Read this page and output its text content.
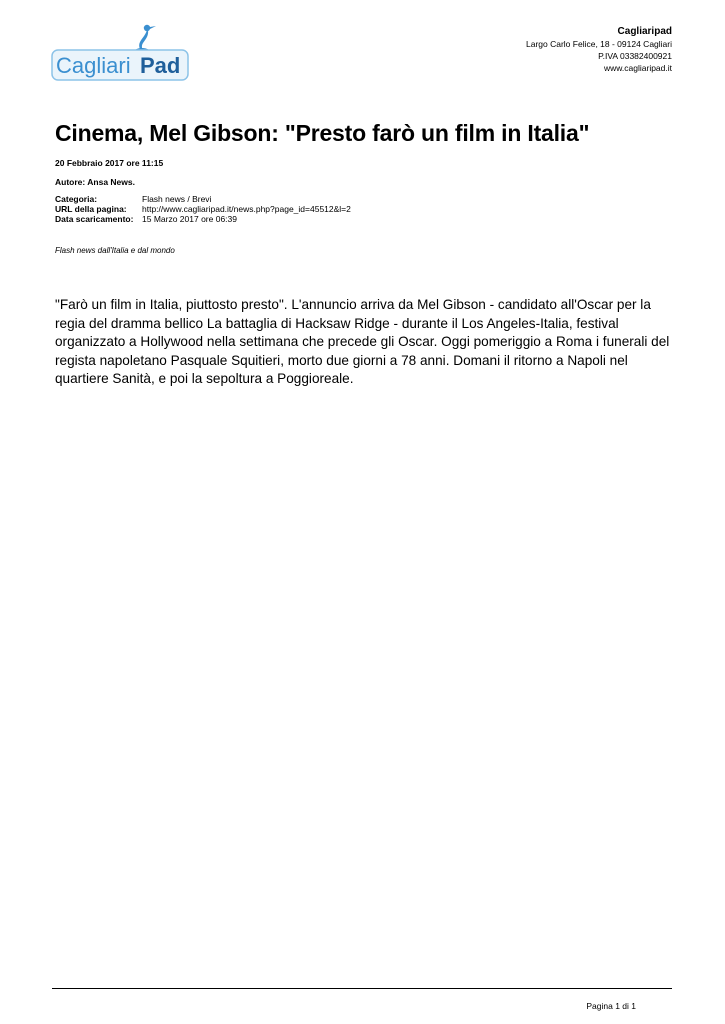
Cagliari Pad
Cagliaripad
Largo Carlo Felice, 18 - 09124 Cagliari
P.IVA 03382400921
www.cagliaripad.it
Cinema, Mel Gibson: "Presto farò un film in Italia"
20 Febbraio 2017 ore 11:15
Autore: Ansa News.
Categoria:	Flash news / Brevi
URL della pagina:	http://www.cagliaripad.it/news.php?page_id=45512&l=2
Data scaricamento:	15 Marzo 2017 ore 06:39
Flash news dall'Italia e dal mondo

"Farò un film in Italia, piuttosto presto". L'annuncio arriva da Mel Gibson - candidato all'Oscar per la regia del dramma bellico La battaglia di Hacksaw Ridge - durante il Los Angeles-Italia, festival organizzato a Hollywood nella settimana che precede gli Oscar. Oggi pomeriggio a Roma i funerali del regista napoletano Pasquale Squitieri, morto due giorni a 78 anni. Domani il ritorno a Napoli nel quartiere Sanità, e poi la sepoltura a Poggioreale.

Pagina 1 di 1
